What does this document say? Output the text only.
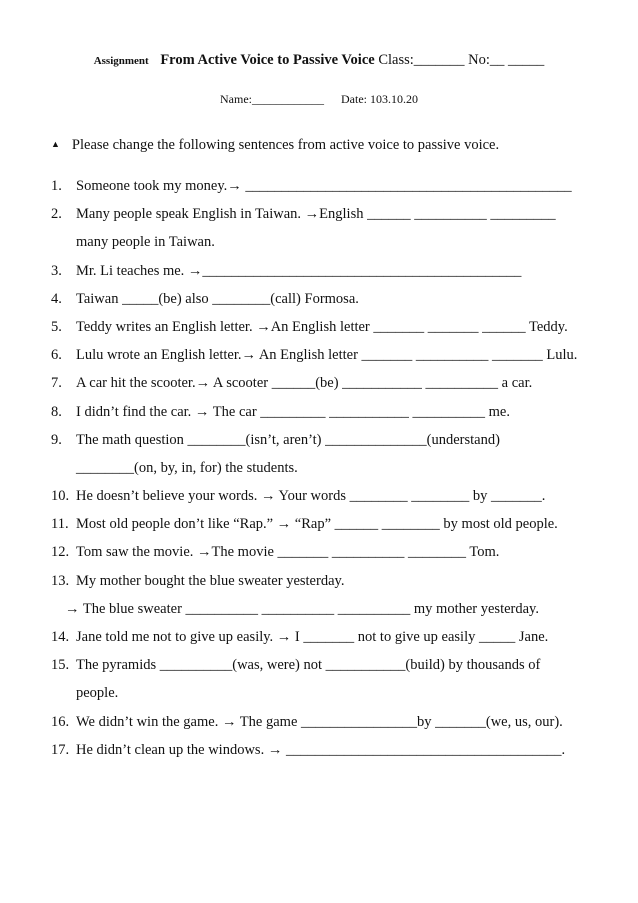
Assignment From Active Voice to Passive Voice Class:_______ No:__ _____
Name:____________ Date: 103.10.20
▲ Please change the following sentences from active voice to passive voice.
1. Someone took my money.→ _____________________________________________
2. Many people speak English in Taiwan. →English ______ __________ _________
many people in Taiwan.
3. Mr. Li teaches me. →____________________________________________
4. Taiwan _____(be) also ________(call) Formosa.
5. Teddy writes an English letter. →An English letter _______ _______ ______ Teddy.
6. Lulu wrote an English letter.→ An English letter _______ __________ _______ Lulu.
7. A car hit the scooter.→ A scooter ______(be) ___________ __________ a car.
8. I didn’t find the car. → The car _________ ___________ __________ me.
9. The math question ________(isn’t, aren’t) ______________(understand)
________(on, by, in, for) the students.
10. He doesn’t believe your words. → Your words ________ ________ by _______.
11. Most old people don’t like “Rap.” → “Rap” ______ ________ by most old people.
12. Tom saw the movie. →The movie _______ __________ ________ Tom.
13. My mother bought the blue sweater yesterday.
→ The blue sweater __________ __________ __________ my mother yesterday.
14. Jane told me not to give up easily. → I _______ not to give up easily _____ Jane.
15. The pyramids __________(was, were) not ___________(build) by thousands of
people.
16. We didn’t win the game. → The game ________________by _______(we, us, our).
17. He didn’t clean up the windows. → ______________________________________.
